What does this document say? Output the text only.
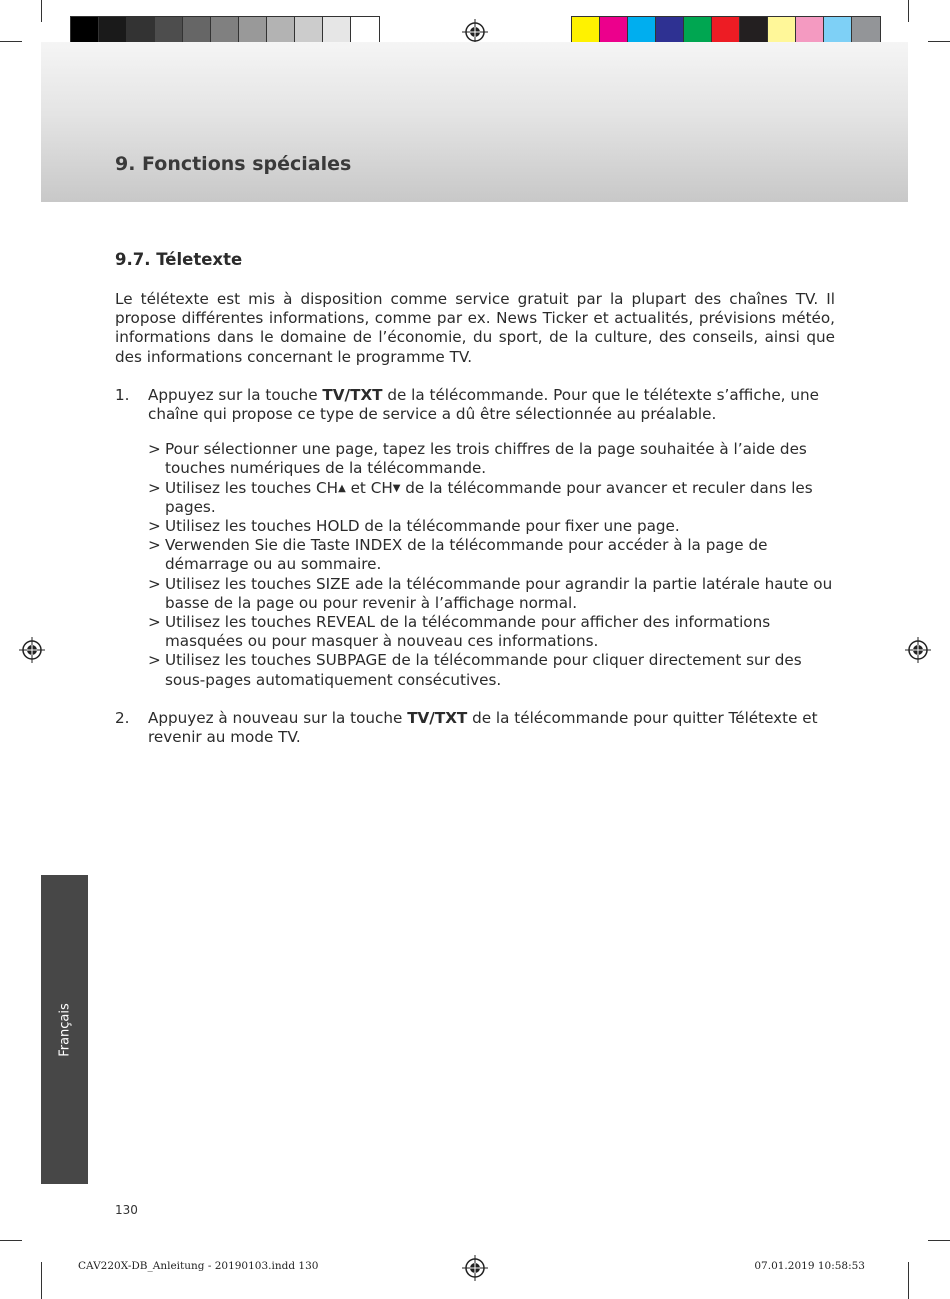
9. Fonctions spéciales
9.7. Téletexte

Le télétexte est mis à disposition comme service gratuit par la plupart des chaînes TV. Il propose différentes informations, comme par ex. News Ticker et actualités, prévisions météo, informations dans le domaine de l’économie, du sport, de la culture, des conseils, ainsi que des informations concernant le programme TV.

1.	Appuyez sur la touche TV/TXT de la télécommande. Pour que le télétexte s’affiche, une chaîne qui propose ce type de service a dû être sélectionnée au préalable.
> Pour sélectionner une page, tapez les trois chiffres de la page souhaitée à l’aide des touches numériques de la télécommande.
> Utilisez les touches CH▲ et CH▼ de la télécommande pour avancer et reculer dans les pages.
> Utilisez les touches HOLD de la télécommande pour fixer une page.
> Verwenden Sie die Taste INDEX de la télécommande pour accéder à la page de démarrage ou au sommaire.
> Utilisez les touches SIZE ade la télécommande pour agrandir la partie latérale haute ou basse de la page ou pour revenir à l’affichage normal.
> Utilisez les touches REVEAL de la télécommande pour afficher des informations masquées ou pour masquer à nouveau ces informations.
> Utilisez les touches SUBPAGE de la télécommande pour cliquer directement sur des sous-pages automatiquement consécutives.
2.	Appuyez à nouveau sur la touche TV/TXT de la télécommande pour quitter Télétexte et revenir au mode TV.
Français
130
CAV220X-DB_Anleitung - 20190103.indd 130	07.01.2019 10:58:53
